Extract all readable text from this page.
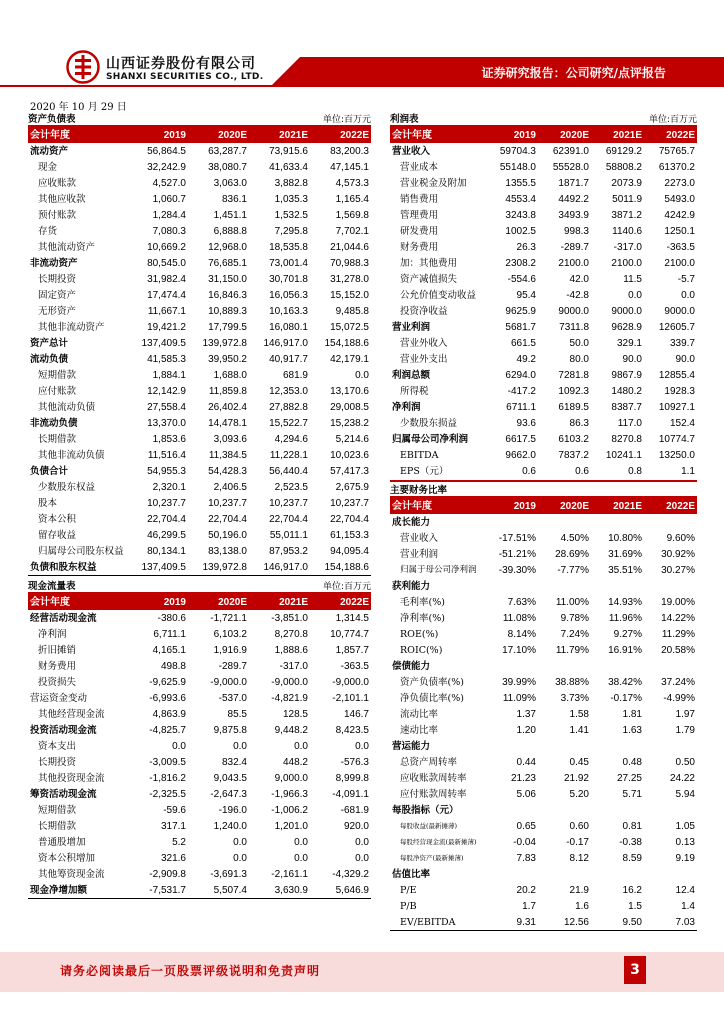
山西证券股份有限公司
SHANXI SECURITIES CO., LTD.	证券研究报告：公司研究/点评报告
2020 年 10 月 29 日
资产负债表	单位:百万元
会计年度	2019	2020E	2021E	2022E
流动资产	56,864.5	63,287.7	73,915.6	83,200.3
现金	32,242.9	38,080.7	41,633.4	47,145.1
应收账款	4,527.0	3,063.0	3,882.8	4,573.3
其他应收款	1,060.7	836.1	1,035.3	1,165.4
预付账款	1,284.4	1,451.1	1,532.5	1,569.8
存货	7,080.3	6,888.8	7,295.8	7,702.1
其他流动资产	10,669.2	12,968.0	18,535.8	21,044.6
非流动资产	80,545.0	76,685.1	73,001.4	70,988.3
长期投资	31,982.4	31,150.0	30,701.8	31,278.0
固定资产	17,474.4	16,846.3	16,056.3	15,152.0
无形资产	11,667.1	10,889.3	10,163.3	9,485.8
其他非流动资产	19,421.2	17,799.5	16,080.1	15,072.5
资产总计	137,409.5	139,972.8	146,917.0	154,188.6
流动负债	41,585.3	39,950.2	40,917.7	42,179.1
短期借款	1,884.1	1,688.0	681.9	0.0
应付账款	12,142.9	11,859.8	12,353.0	13,170.6
其他流动负债	27,558.4	26,402.4	27,882.8	29,008.5
非流动负债	13,370.0	14,478.1	15,522.7	15,238.2
长期借款	1,853.6	3,093.6	4,294.6	5,214.6
其他非流动负债	11,516.4	11,384.5	11,228.1	10,023.6
负债合计	54,955.3	54,428.3	56,440.4	57,417.3
少数股东权益	2,320.1	2,406.5	2,523.5	2,675.9
股本	10,237.7	10,237.7	10,237.7	10,237.7
资本公积	22,704.4	22,704.4	22,704.4	22,704.4
留存收益	46,299.5	50,196.0	55,011.1	61,153.3
归属母公司股东权益	80,134.1	83,138.0	87,953.2	94,095.4
负债和股东权益	137,409.5	139,972.8	146,917.0	154,188.6
现金流量表	单位:百万元
会计年度	2019	2020E	2021E	2022E
经营活动现金流	-380.6	-1,721.1	-3,851.0	1,314.5
净利润	6,711.1	6,103.2	8,270.8	10,774.7
折旧摊销	4,165.1	1,916.9	1,888.6	1,857.7
财务费用	498.8	-289.7	-317.0	-363.5
投资损失	-9,625.9	-9,000.0	-9,000.0	-9,000.0
营运资金变动	-6,993.6	-537.0	-4,821.9	-2,101.1
其他经营现金流	4,863.9	85.5	128.5	146.7
投资活动现金流	-4,825.7	9,875.8	9,448.2	8,423.5
资本支出	0.0	0.0	0.0	0.0
长期投资	-3,009.5	832.4	448.2	-576.3
其他投资现金流	-1,816.2	9,043.5	9,000.0	8,999.8
筹资活动现金流	-2,325.5	-2,647.3	-1,966.3	-4,091.1
短期借款	-59.6	-196.0	-1,006.2	-681.9
长期借款	317.1	1,240.0	1,201.0	920.0
普通股增加	5.2	0.0	0.0	0.0
资本公积增加	321.6	0.0	0.0	0.0
其他筹资现金流	-2,909.8	-3,691.3	-2,161.1	-4,329.2
现金净增加额	-7,531.7	5,507.4	3,630.9	5,646.9
利润表	单位:百万元
会计年度	2019	2020E	2021E	2022E
营业收入	59704.3	62391.0	69129.2	75765.7
营业成本	55148.0	55528.0	58808.2	61370.2
营业税金及附加	1355.5	1871.7	2073.9	2273.0
销售费用	4553.4	4492.2	5011.9	5493.0
管理费用	3243.8	3493.9	3871.2	4242.9
研发费用	1002.5	998.3	1140.6	1250.1
财务费用	26.3	-289.7	-317.0	-363.5
加：其他费用	2308.2	2100.0	2100.0	2100.0
资产减值损失	-554.6	42.0	11.5	-5.7
公允价值变动收益	95.4	-42.8	0.0	0.0
投资净收益	9625.9	9000.0	9000.0	9000.0
营业利润	5681.7	7311.8	9628.9	12605.7
营业外收入	661.5	50.0	329.1	339.7
营业外支出	49.2	80.0	90.0	90.0
利润总额	6294.0	7281.8	9867.9	12855.4
所得税	-417.2	1092.3	1480.2	1928.3
净利润	6711.1	6189.5	8387.7	10927.1
少数股东损益	93.6	86.3	117.0	152.4
归属母公司净利润	6617.5	6103.2	8270.8	10774.7
EBITDA	9662.0	7837.2	10241.1	13250.0
EPS（元）	0.6	0.6	0.8	1.1
主要财务比率
会计年度	2019	2020E	2021E	2022E
成长能力				
营业收入	-17.51%	4.50%	10.80%	9.60%
营业利润	-51.21%	28.69%	31.69%	30.92%
归属于母公司净利润	-39.30%	-7.77%	35.51%	30.27%
获利能力				
毛利率(%)	7.63%	11.00%	14.93%	19.00%
净利率(%)	11.08%	9.78%	11.96%	14.22%
ROE(%)	8.14%	7.24%	9.27%	11.29%
ROIC(%)	17.10%	11.79%	16.91%	20.58%
偿债能力				
资产负债率(%)	39.99%	38.88%	38.42%	37.24%
净负债比率(%)	11.09%	3.73%	-0.17%	-4.99%
流动比率	1.37	1.58	1.81	1.97
速动比率	1.20	1.41	1.63	1.79
营运能力				
总资产周转率	0.44	0.45	0.48	0.50
应收账款周转率	21.23	21.92	27.25	24.22
应付账款周转率	5.06	5.20	5.71	5.94
每股指标（元）				
每股收益(最新摊薄)	0.65	0.60	0.81	1.05
每股经营现金流(最新摊薄)	-0.04	-0.17	-0.38	0.13
每股净资产(最新摊薄)	7.83	8.12	8.59	9.19
估值比率				
P/E	20.2	21.9	16.2	12.4
P/B	1.7	1.6	1.5	1.4
EV/EBITDA	9.31	12.56	9.50	7.03
请务必阅读最后一页股票评级说明和免责声明	3
